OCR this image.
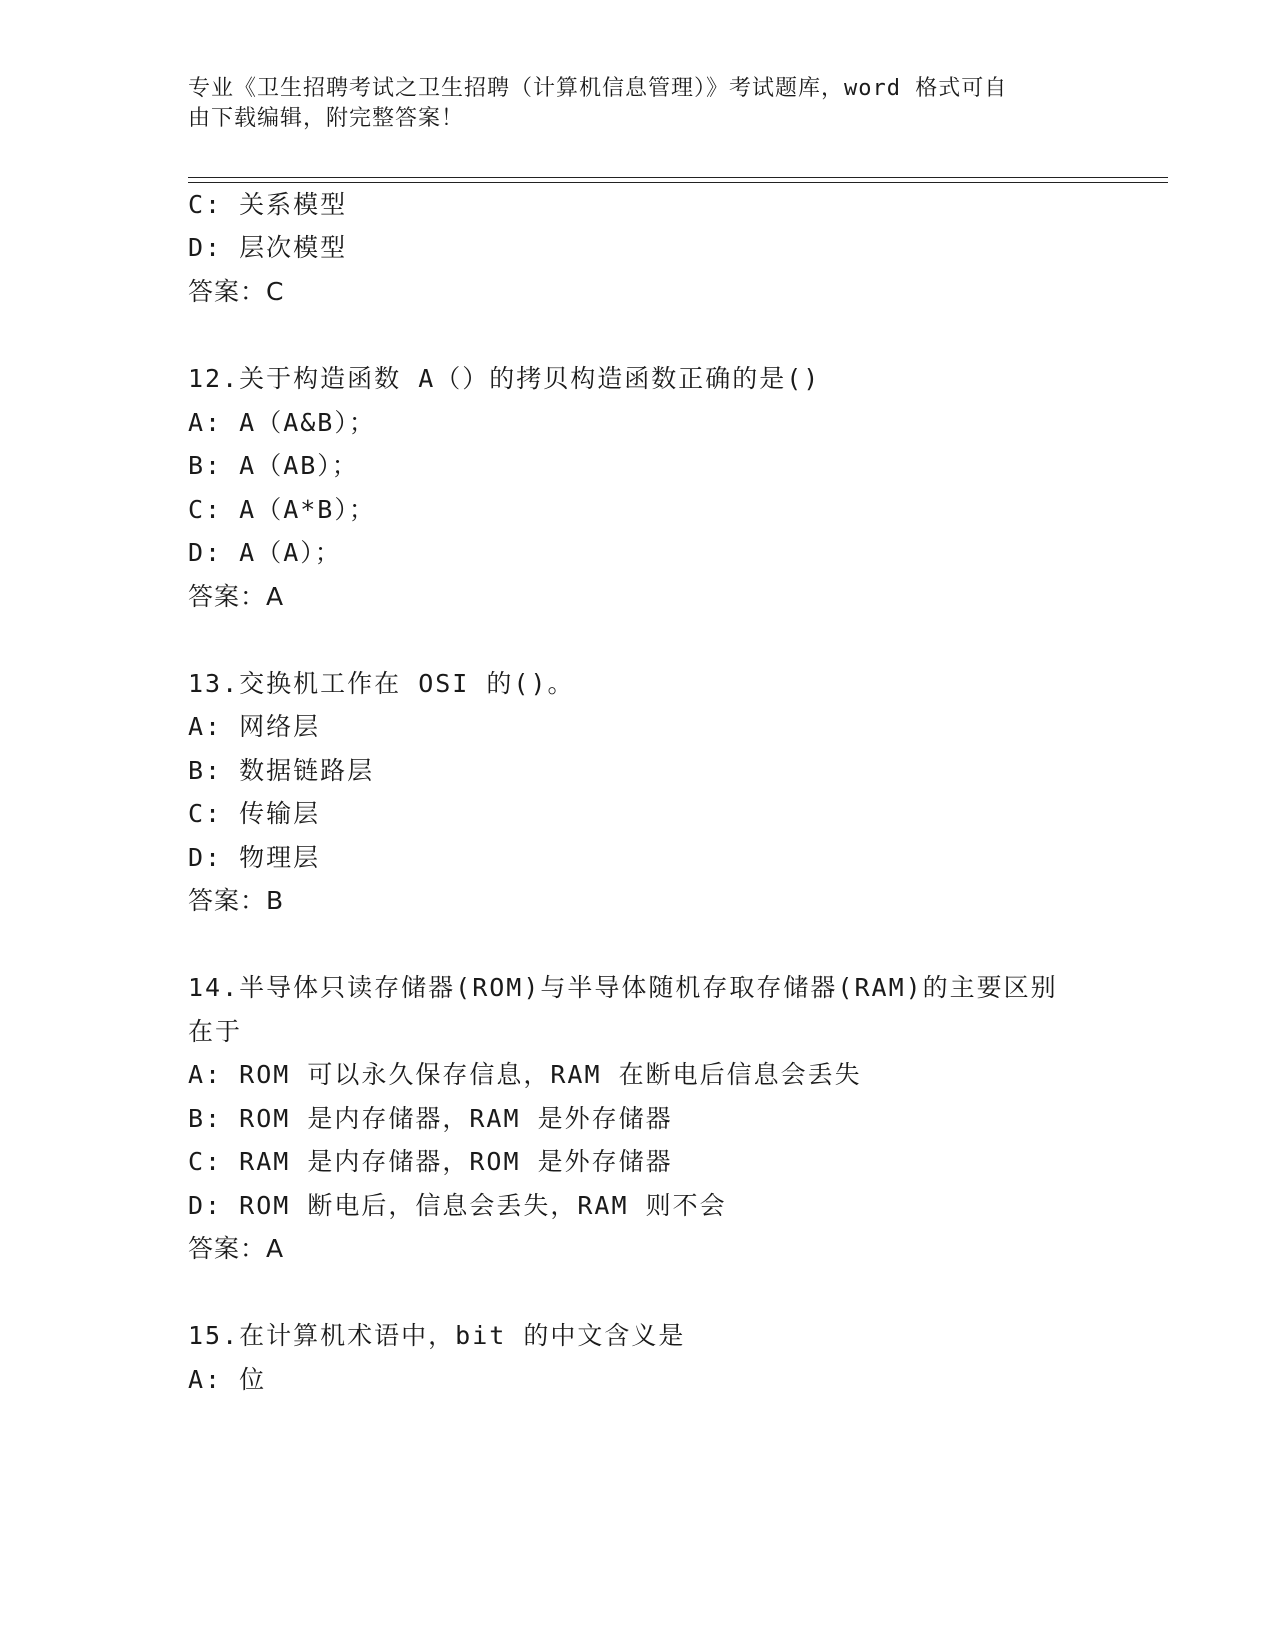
专业《卫生招聘考试之卫生招聘（计算机信息管理）》考试题库，word 格式可自
由下载编辑，附完整答案！
C: 关系模型
D: 层次模型
答案：C
12.关于构造函数 A（）的拷贝构造函数正确的是()
A: A（A&B）；
B: A（AB）；
C: A（A*B）；
D: A（A）；
答案：A
13.交换机工作在 OSI 的()。
A: 网络层
B: 数据链路层
C: 传输层
D: 物理层
答案：B
14.半导体只读存储器(ROM)与半导体随机存取存储器(RAM)的主要区别
在于
A: ROM 可以永久保存信息，RAM 在断电后信息会丢失
B: ROM 是内存储器，RAM 是外存储器
C: RAM 是内存储器，ROM 是外存储器
D: ROM 断电后，信息会丢失，RAM 则不会
答案：A
15.在计算机术语中，bit 的中文含义是
A: 位
